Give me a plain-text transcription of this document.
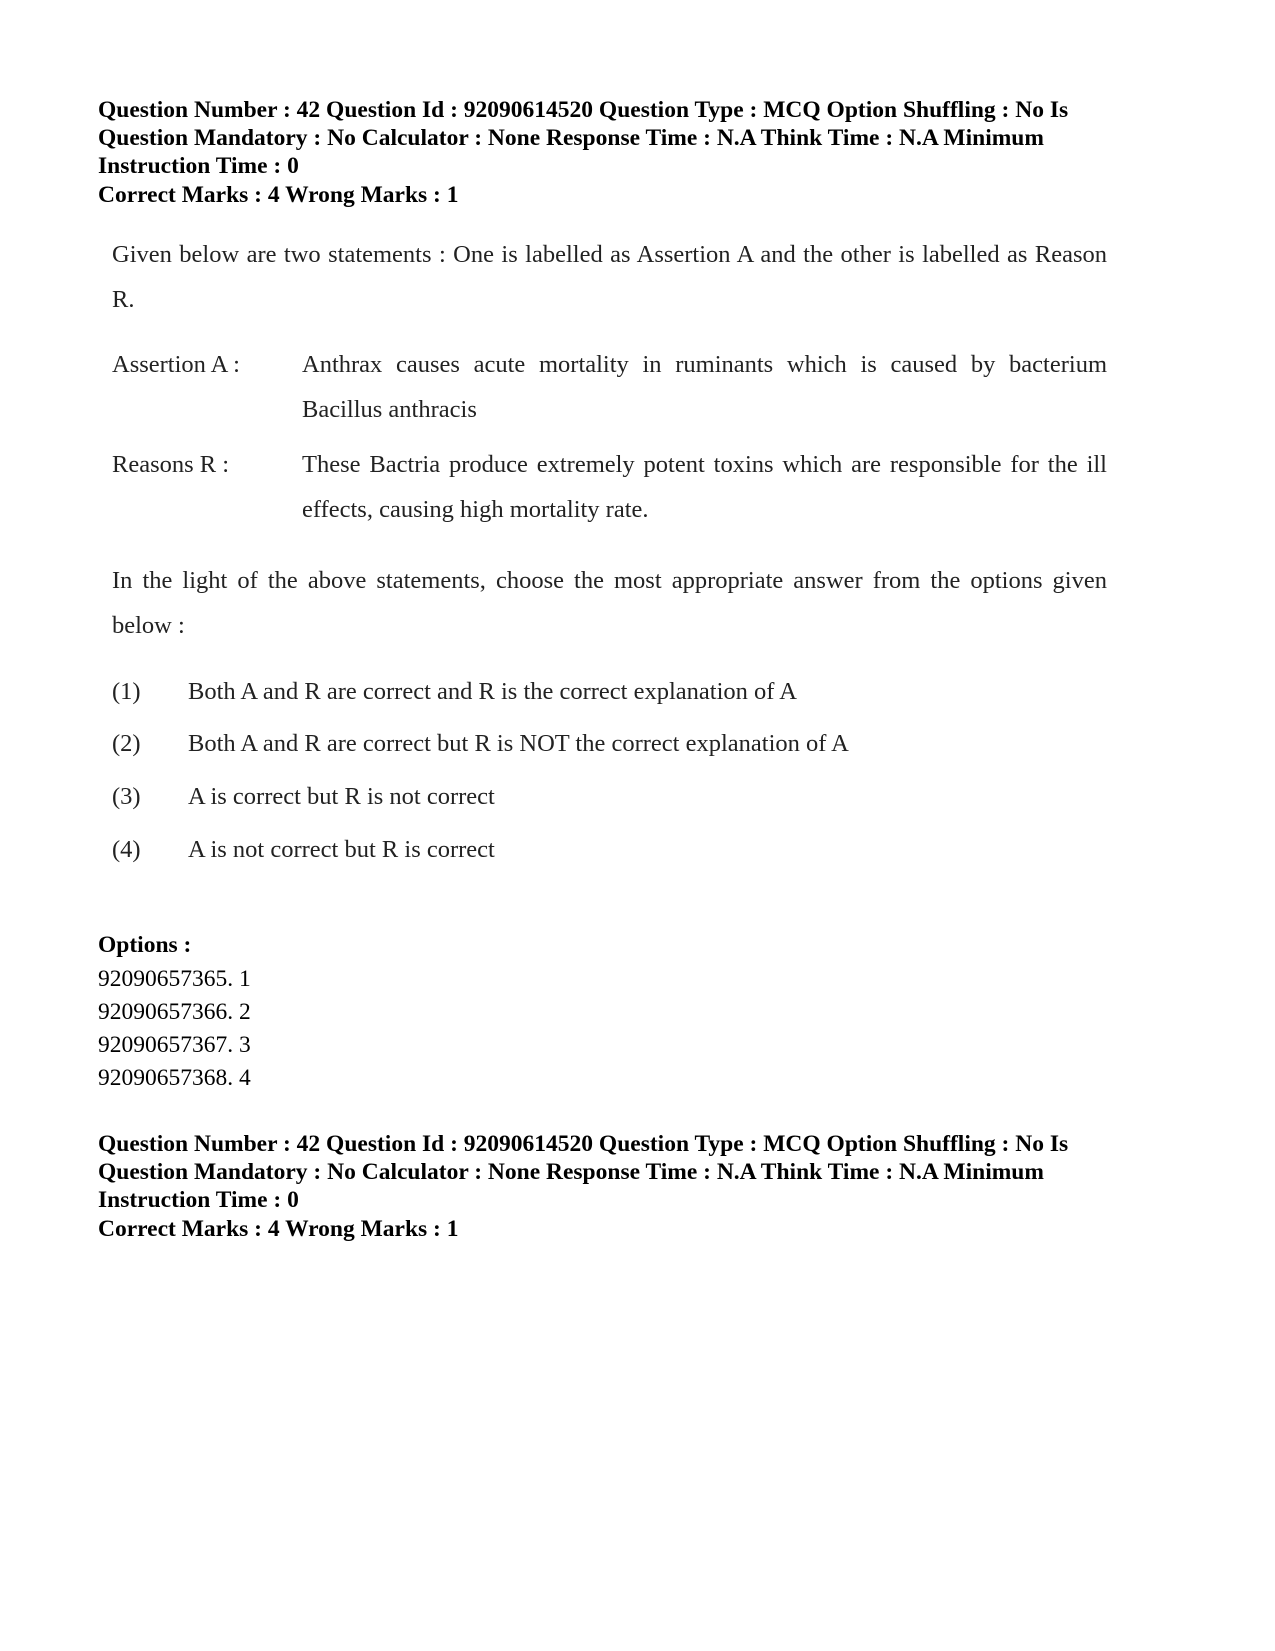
Question Number : 42 Question Id : 92090614520 Question Type : MCQ Option Shuffling : No Is
Question Mandatory : No Calculator : None Response Time : N.A Think Time : N.A Minimum
Instruction Time : 0
Correct Marks : 4 Wrong Marks : 1

Given below are two statements : One is labelled as Assertion A and the other is labelled as Reason R.

Assertion A :	Anthrax causes acute mortality in ruminants which is caused by bacterium Bacillus anthracis
Reasons R :	These Bactria produce extremely potent toxins which are responsible for the ill effects, causing high mortality rate.
In the light of the above statements, choose the most appropriate answer from the options given below :
(1) Both A and R are correct and R is the correct explanation of A
(2) Both A and R are correct but R is NOT the correct explanation of A
(3) A is correct but R is not correct
(4) A is not correct but R is correct
Options :
92090657365. 1
92090657366. 2
92090657367. 3
92090657368. 4
Question Number : 42 Question Id : 92090614520 Question Type : MCQ Option Shuffling : No Is
Question Mandatory : No Calculator : None Response Time : N.A Think Time : N.A Minimum
Instruction Time : 0
Correct Marks : 4 Wrong Marks : 1
